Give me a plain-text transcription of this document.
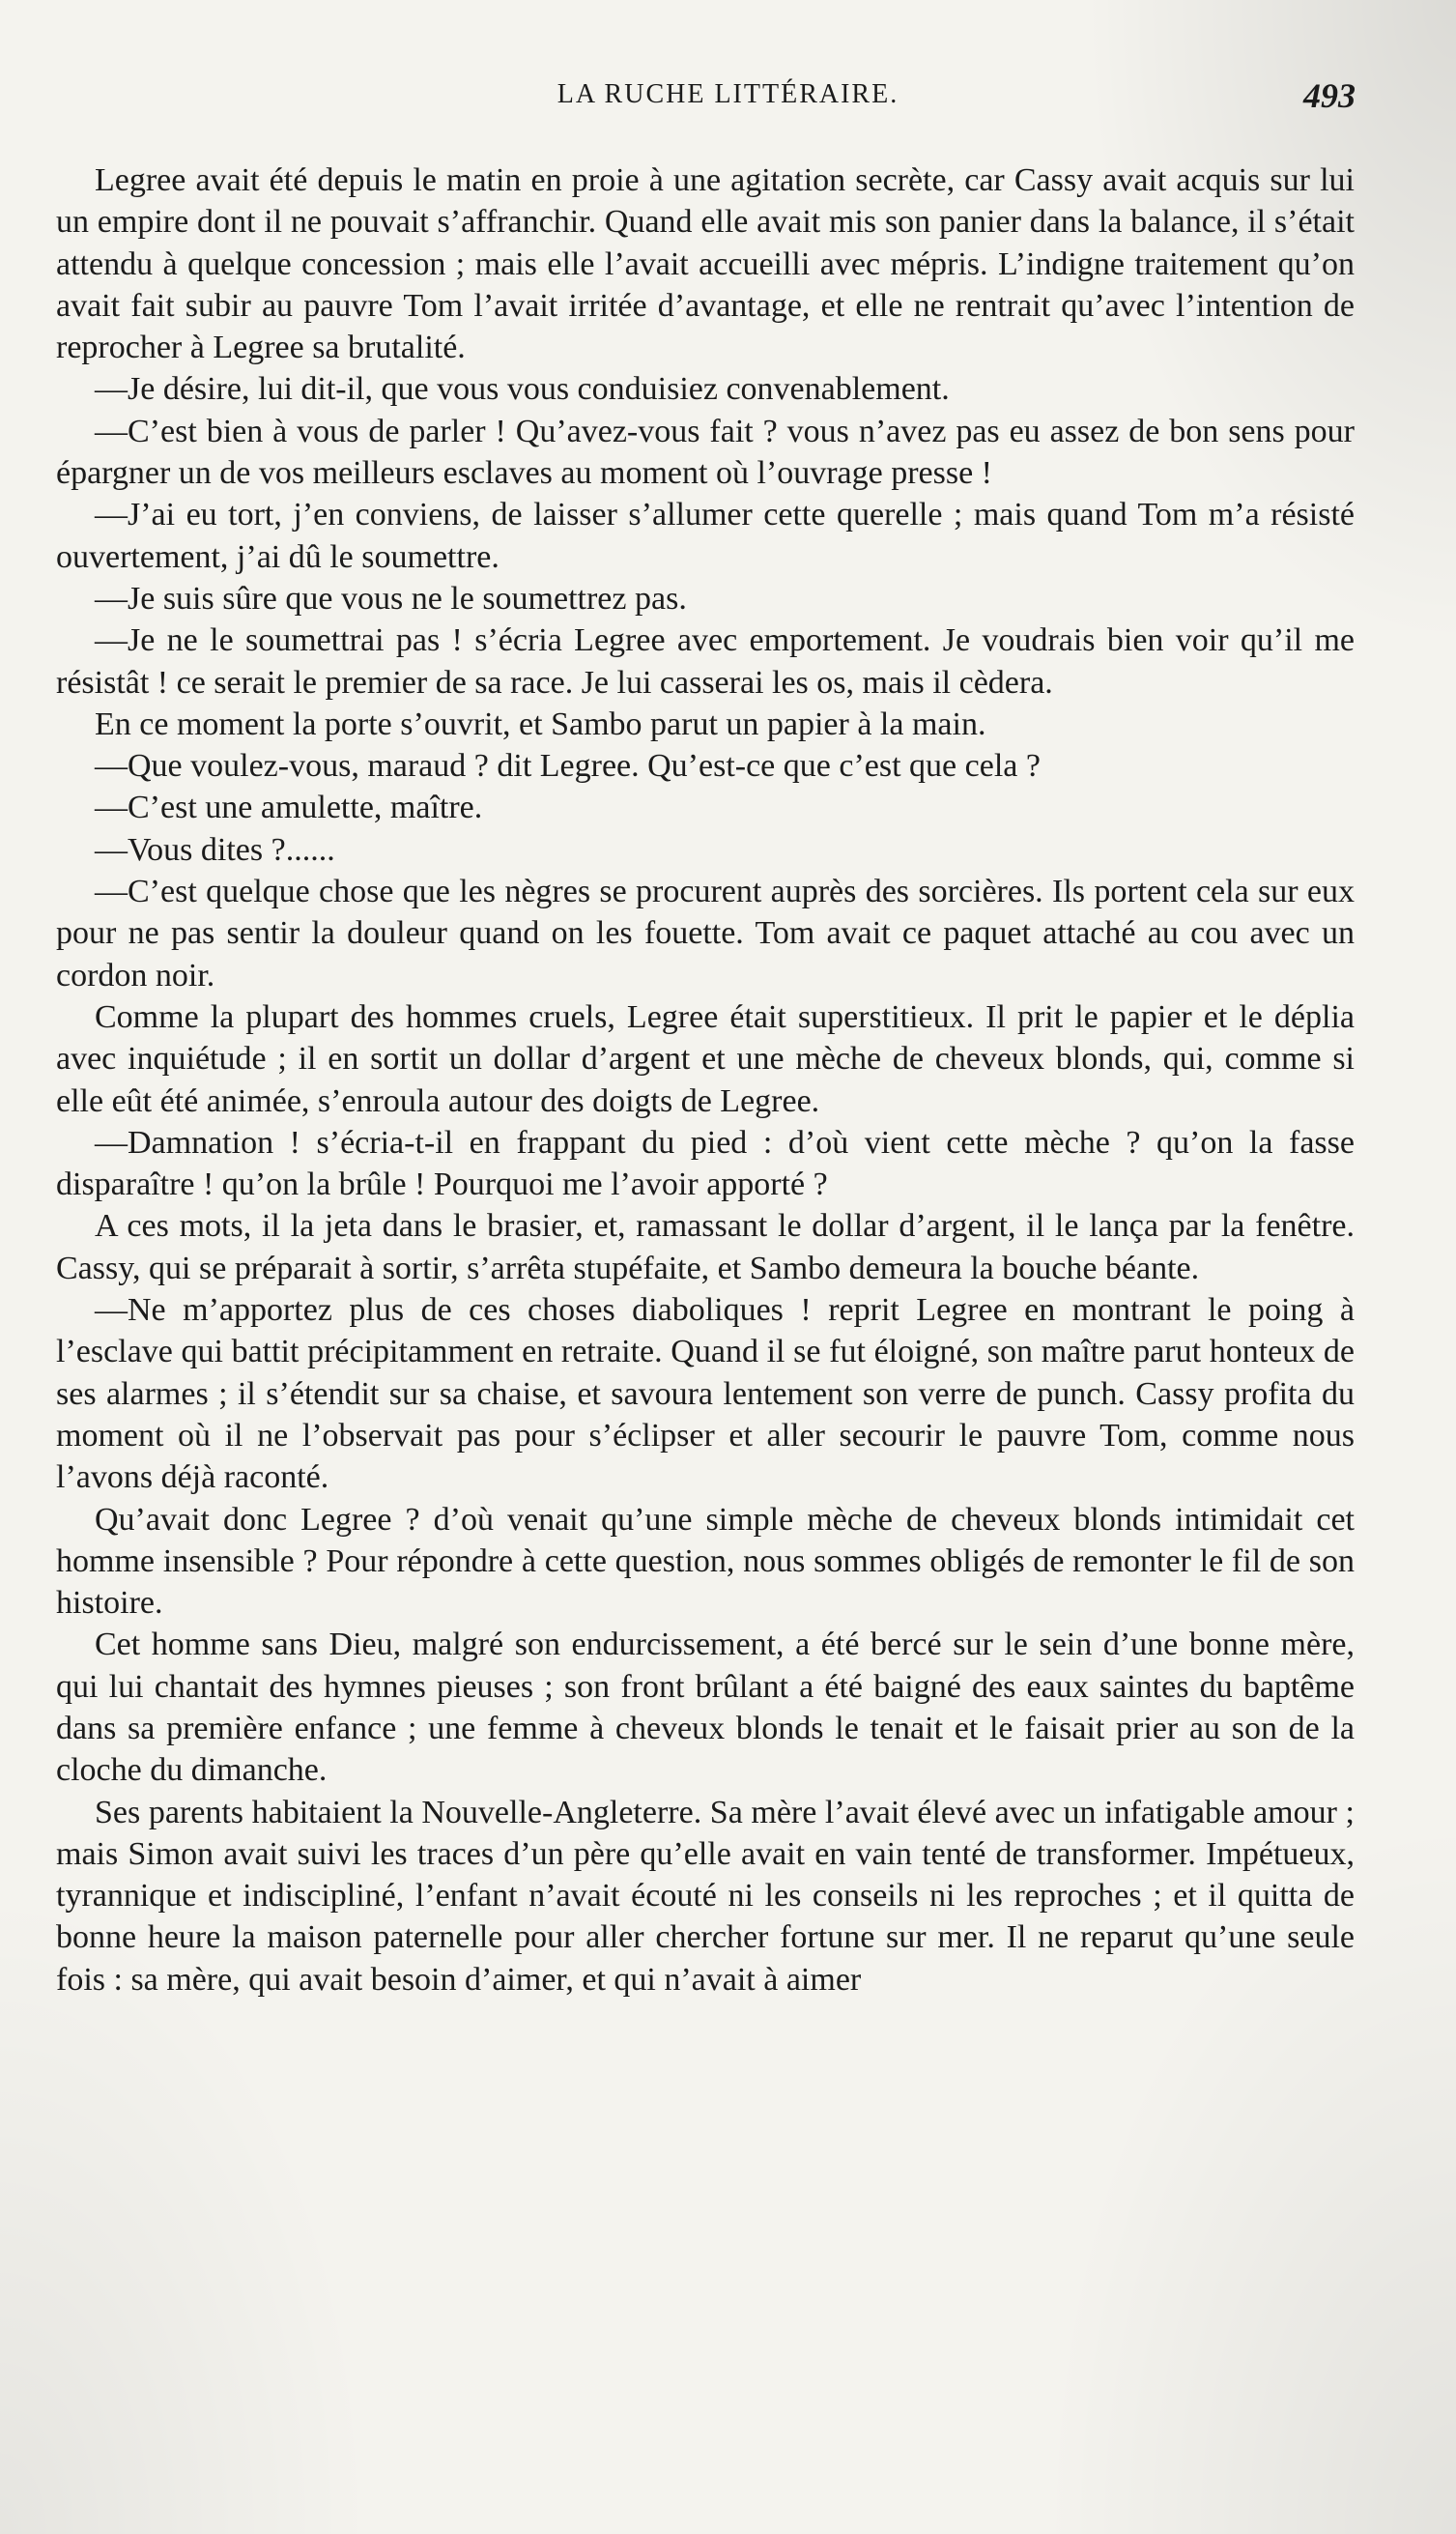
LA RUCHE LITTÉRAIRE.	493

Legree avait été depuis le matin en proie à une agitation secrète, car Cassy avait acquis sur lui un empire dont il ne pouvait s’affranchir. Quand elle avait mis son panier dans la balance, il s’était attendu à quelque concession ; mais elle l’avait accueilli avec mépris. L’indigne traitement qu’on avait fait subir au pauvre Tom l’avait irritée d’avantage, et elle ne rentrait qu’avec l’intention de reprocher à Legree sa brutalité.

—Je désire, lui dit-il, que vous vous conduisiez convenablement.

—C’est bien à vous de parler ! Qu’avez-vous fait ? vous n’avez pas eu assez de bon sens pour épargner un de vos meilleurs esclaves au moment où l’ouvrage presse !

—J’ai eu tort, j’en conviens, de laisser s’allumer cette querelle ; mais quand Tom m’a résisté ouvertement, j’ai dû le soumettre.

—Je suis sûre que vous ne le soumettrez pas.

—Je ne le soumettrai pas ! s’écria Legree avec emportement. Je voudrais bien voir qu’il me résistât ! ce serait le premier de sa race. Je lui casserai les os, mais il cèdera.

En ce moment la porte s’ouvrit, et Sambo parut un papier à la main.

—Que voulez-vous, maraud ? dit Legree. Qu’est-ce que c’est que cela ?

—C’est une amulette, maître.

—Vous dites ?......

—C’est quelque chose que les nègres se procurent auprès des sorcières. Ils portent cela sur eux pour ne pas sentir la douleur quand on les fouette. Tom avait ce paquet attaché au cou avec un cordon noir.

Comme la plupart des hommes cruels, Legree était superstitieux. Il prit le papier et le déplia avec inquiétude ; il en sortit un dollar d’argent et une mèche de cheveux blonds, qui, comme si elle eût été animée, s’enroula autour des doigts de Legree.

—Damnation ! s’écria-t-il en frappant du pied : d’où vient cette mèche ? qu’on la fasse disparaître ! qu’on la brûle ! Pourquoi me l’avoir apporté ?

A ces mots, il la jeta dans le brasier, et, ramassant le dollar d’argent, il le lança par la fenêtre. Cassy, qui se préparait à sortir, s’arrêta stupéfaite, et Sambo demeura la bouche béante.

—Ne m’apportez plus de ces choses diaboliques ! reprit Legree en montrant le poing à l’esclave qui battit précipitamment en retraite. Quand il se fut éloigné, son maître parut honteux de ses alarmes ; il s’étendit sur sa chaise, et savoura lentement son verre de punch. Cassy profita du moment où il ne l’observait pas pour s’éclipser et aller secourir le pauvre Tom, comme nous l’avons déjà raconté.

Qu’avait donc Legree ? d’où venait qu’une simple mèche de cheveux blonds intimidait cet homme insensible ? Pour répondre à cette question, nous sommes obligés de remonter le fil de son histoire.

Cet homme sans Dieu, malgré son endurcissement, a été bercé sur le sein d’une bonne mère, qui lui chantait des hymnes pieuses ; son front brûlant a été baigné des eaux saintes du baptême dans sa première enfance ; une femme à cheveux blonds le tenait et le faisait prier au son de la cloche du dimanche.

Ses parents habitaient la Nouvelle-Angleterre. Sa mère l’avait élevé avec un infatigable amour ; mais Simon avait suivi les traces d’un père qu’elle avait en vain tenté de transformer. Impétueux, tyrannique et indiscipliné, l’enfant n’avait écouté ni les conseils ni les reproches ; et il quitta de bonne heure la maison paternelle pour aller chercher fortune sur mer. Il ne reparut qu’une seule fois : sa mère, qui avait besoin d’aimer, et qui n’avait à aimer
